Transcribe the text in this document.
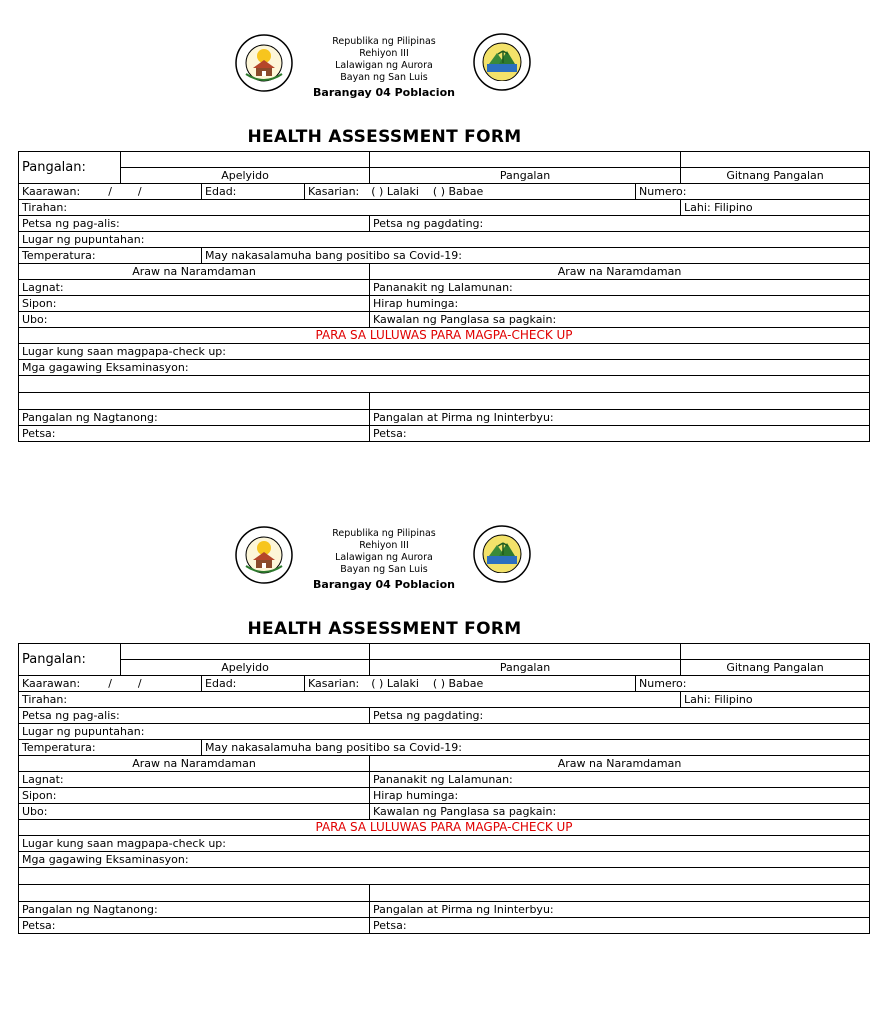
Republika ng Pilipinas
Rehiyon III
Lalawigan ng Aurora
Bayan ng San Luis
Barangay 04 Poblacion
HEALTH ASSESSMENT FORM
Pangalan:						
	Apelyido			Pangalan		Gitnang Pangalan
Kaarawan: / /		Edad:	Kasarian: ( ) Lalaki ( ) Babae		Numero:	
Tirahan:						Lahi: Filipino
Petsa ng pag-alis:				Petsa ng pagdating:		
Lugar ng pupuntahan:						
Temperatura:		May nakasalamuha bang positibo sa Covid-19:				
Araw na Naramdaman				Araw na Naramdaman		
Lagnat:				Pananakit ng Lalamunan:		
Sipon:				Hirap huminga:		
Ubo:				Kawalan ng Panglasa sa pagkain:		
PARA SA LULUWAS PARA MAGPA-CHECK UP						
Lugar kung saan magpapa-check up:						
Mga gagawing Eksaminasyon:						

Pangalan ng Nagtanong:				Pangalan at Pirma ng Ininterbyu:		
Petsa:				Petsa:		
Republika ng Pilipinas
Rehiyon III
Lalawigan ng Aurora
Bayan ng San Luis
Barangay 04 Poblacion
HEALTH ASSESSMENT FORM
Pangalan:						
	Apelyido			Pangalan		Gitnang Pangalan
Kaarawan: / /		Edad:	Kasarian: ( ) Lalaki ( ) Babae		Numero:	
Tirahan:						Lahi: Filipino
Petsa ng pag-alis:				Petsa ng pagdating:		
Lugar ng pupuntahan:						
Temperatura:		May nakasalamuha bang positibo sa Covid-19:				
Araw na Naramdaman				Araw na Naramdaman		
Lagnat:				Pananakit ng Lalamunan:		
Sipon:				Hirap huminga:		
Ubo:				Kawalan ng Panglasa sa pagkain:		
PARA SA LULUWAS PARA MAGPA-CHECK UP						
Lugar kung saan magpapa-check up:						
Mga gagawing Eksaminasyon:						

Pangalan ng Nagtanong:				Pangalan at Pirma ng Ininterbyu:		
Petsa:				Petsa:		
